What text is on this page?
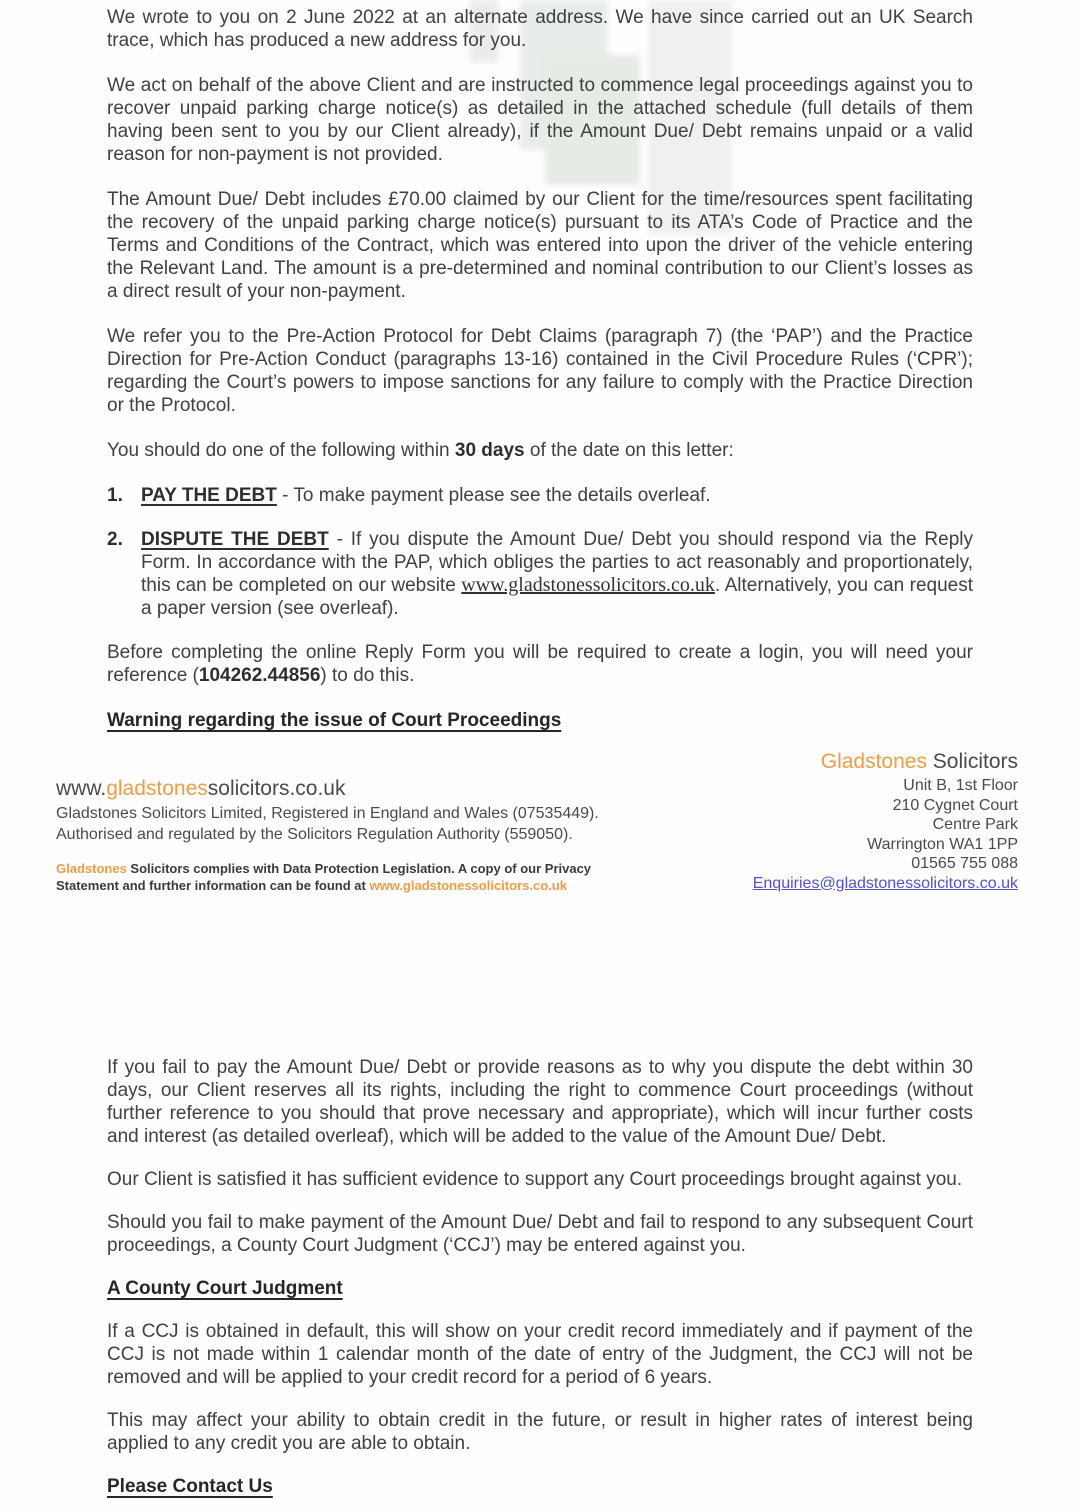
We wrote to you on 2 June 2022 at an alternate address. We have since carried out an UK Search trace, which has produced a new address for you.

We act on behalf of the above Client and are instructed to commence legal proceedings against you to recover unpaid parking charge notice(s) as detailed in the attached schedule (full details of them having been sent to you by our Client already), if the Amount Due/ Debt remains unpaid or a valid reason for non-payment is not provided.

The Amount Due/ Debt includes £70.00 claimed by our Client for the time/resources spent facilitating the recovery of the unpaid parking charge notice(s) pursuant to its ATA’s Code of Practice and the Terms and Conditions of the Contract, which was entered into upon the driver of the vehicle entering the Relevant Land. The amount is a pre-determined and nominal contribution to our Client’s losses as a direct result of your non-payment.

We refer you to the Pre-Action Protocol for Debt Claims (paragraph 7) (the ‘PAP’) and the Practice Direction for Pre-Action Conduct (paragraphs 13-16) contained in the Civil Procedure Rules (‘CPR’); regarding the Court’s powers to impose sanctions for any failure to comply with the Practice Direction or the Protocol.

You should do one of the following within 30 days of the date on this letter:

1. PAY THE DEBT - To make payment please see the details overleaf.
2. DISPUTE THE DEBT - If you dispute the Amount Due/ Debt you should respond via the Reply Form. In accordance with the PAP, which obliges the parties to act reasonably and proportionately, this can be completed on our website www.gladstonessolicitors.co.uk. Alternatively, you can request a paper version (see overleaf).

Before completing the online Reply Form you will be required to create a login, you will need your reference (104262.44856) to do this.

Warning regarding the issue of Court Proceedings
www.gladstonessolicitors.co.uk
Gladstones Solicitors Limited, Registered in England and Wales (07535449).
Authorised and regulated by the Solicitors Regulation Authority (559050).
Gladstones Solicitors complies with Data Protection Legislation. A copy of our Privacy Statement and further information can be found at www.gladstonessolicitors.co.uk
Gladstones Solicitors
Unit B, 1st Floor
210 Cygnet Court
Centre Park
Warrington WA1 1PP
01565 755 088
Enquiries@gladstonessolicitors.co.uk

If you fail to pay the Amount Due/ Debt or provide reasons as to why you dispute the debt within 30 days, our Client reserves all its rights, including the right to commence Court proceedings (without further reference to you should that prove necessary and appropriate), which will incur further costs and interest (as detailed overleaf), which will be added to the value of the Amount Due/ Debt.

Our Client is satisfied it has sufficient evidence to support any Court proceedings brought against you.

Should you fail to make payment of the Amount Due/ Debt and fail to respond to any subsequent Court proceedings, a County Court Judgment (‘CCJ’) may be entered against you.

A County Court Judgment

If a CCJ is obtained in default, this will show on your credit record immediately and if payment of the CCJ is not made within 1 calendar month of the date of entry of the Judgment, the CCJ will not be removed and will be applied to your credit record for a period of 6 years.

This may affect your ability to obtain credit in the future, or result in higher rates of interest being applied to any credit you are able to obtain.

Please Contact Us
